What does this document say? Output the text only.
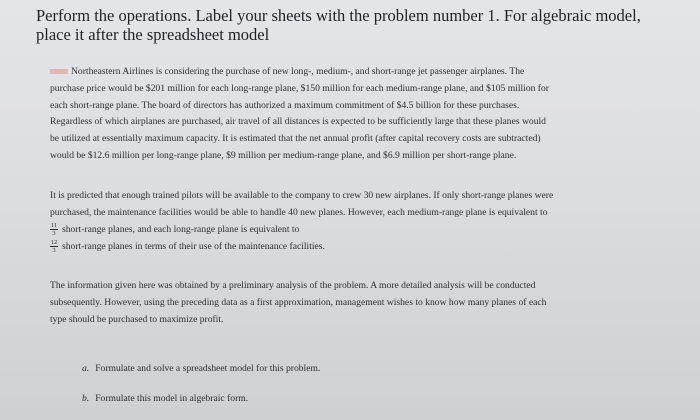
Perform the operations. Label your sheets with the problem number 1. For algebraic model,
place it after the spreadsheet model
Northeastern Airlines is considering the purchase of new long-, medium-, and short-range jet passenger airplanes. The
purchase price would be $201 million for each long-range plane, $150 million for each medium-range plane, and $105 million for
each short-range plane. The board of directors has authorized a maximum commitment of $4.5 billion for these purchases.
Regardless of which airplanes are purchased, air travel of all distances is expected to be sufficiently large that these planes would
be utilized at essentially maximum capacity. It is estimated that the net annual profit (after capital recovery costs are subtracted)
would be $12.6 million per long-range plane, $9 million per medium-range plane, and $6.9 million per short-range plane.
It is predicted that enough trained pilots will be available to the company to crew 30 new airplanes. If only short-range planes were
purchased, the maintenance facilities would be able to handle 40 new planes. However, each medium-range plane is equivalent to
$\frac{11}{3}$ short-range planes, and each long-range plane is equivalent to
$\frac{12}{3}$ short-range planes in terms of their use of the maintenance facilities.
The information given here was obtained by a preliminary analysis of the problem. A more detailed analysis will be conducted
subsequently. However, using the preceding data as a first approximation, management wishes to know how many planes of each
type should be purchased to maximize profit.
a. Formulate and solve a spreadsheet model for this problem.
b. Formulate this model in algebraic form.
